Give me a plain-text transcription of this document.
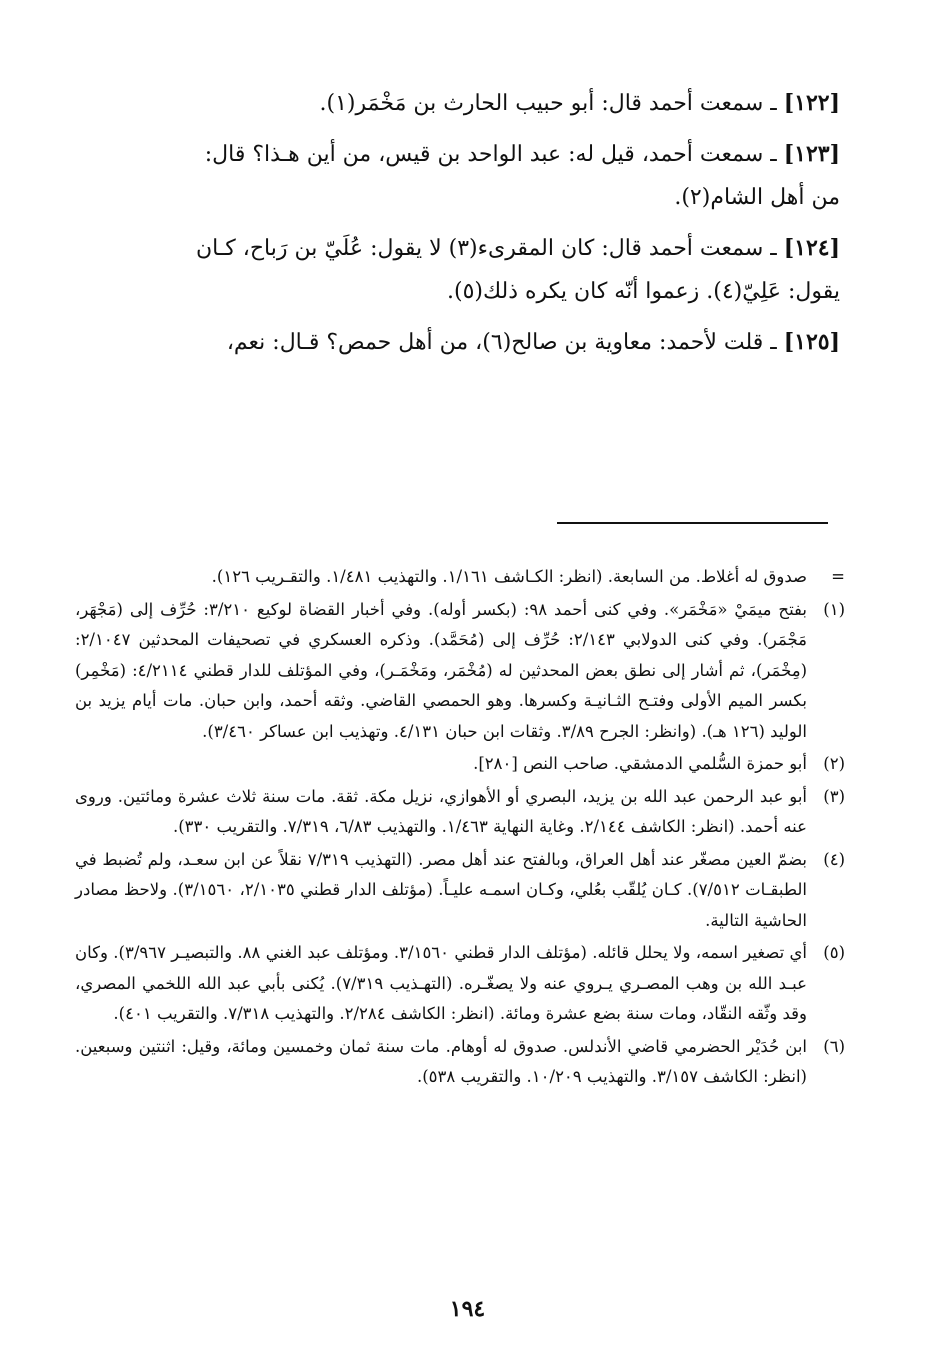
[١٢٢] ـ سمعت أحمد قال: أبو حبيب الحارث بن مَخْمَر(١).

[١٢٣] ـ سمعت أحمد، قيل له: عبد الواحد بن قيس، من أين هـذا؟ قال:
من أهل الشام(٢).

[١٢٤] ـ سمعت أحمد قال: كان المقرىء(٣) لا يقول: عُلَيّ بن رَباح، كـان
يقول: عَلِيّ(٤). زعموا أنّه كان يكره ذلك(٥).

[١٢٥] ـ قلت لأحمد: معاوية بن صالح(٦)، من أهل حمص؟ قـال: نعم،

=
صدوق له أغلاط. من السابعة. (انظر: الكـاشف ١/١٦١. والتهذيب ١/٤٨١. والتقـريب ١٢٦).

(١)
بفتح ميمَيْ «مَخْمَر». وفي كنى أحمد ٩٨: (بكسر أوله). وفي أخبار القضاة لوكيع ٣/٢١٠: حُرِّف إلى (مَجْهَر، مَجْمَر). وفي كنى الدولابي ٢/١٤٣: حُرِّف إلى (مُحَمَّد). وذكره العسكري في تصحيفات المحدثين ٢/١٠٤٧: (مِخْمَر)، ثم أشار إلى نطق بعض المحدثين له (مُخْمَر، ومَخْمَـر)، وفي المؤتلف للدار قطني ٤/٢١١٤: (مَخْمِر) بكسر الميم الأولى وفتـح الثـانيـة وكسرها. وهو الحمصي القاضي. وثقه أحمد، وابن حبان. مات أيام يزيد بن الوليد (١٢٦ هـ). (وانظر: الجرح ٣/٨٩. وثقات ابن حبان ٤/١٣١. وتهذيب ابن عساكر ٣/٤٦٠).

(٢)
أبو حمزة السُّلمي الدمشقي. صاحب النص [٢٨٠].

(٣)
أبو عبد الرحمن عبد الله بن يزيد، البصري أو الأهوازي، نزيل مكة. ثقة. مات سنة ثلاث عشرة ومائتين. وروى عنه أحمد. (انظر: الكاشف ٢/١٤٤. وغاية النهاية ١/٤٦٣. والتهذيب ٦/٨٣، ٧/٣١٩. والتقريب ٣٣٠).

(٤)
بضمّ العين مصغّر عند أهل العراق، وبالفتح عند أهل مصر. (التهذيب ٧/٣١٩ نقلاً عن ابن سعـد، ولم تُضبط في الطبقـات ٧/٥١٢). كـان يُلقّب بعُلي، وكـان اسمـه عليـاً. (مؤتلف الدار قطني ٢/١٠٣٥، ٣/١٥٦٠). ولاحظ مصادر الحاشية التالية.

(٥)
أي تصغير اسمه، ولا يحلل قائله. (مؤتلف الدار قطني ٣/١٥٦٠. ومؤتلف عبد الغني ٨٨. والتبصيـر ٣/٩٦٧). وكان عبـد الله بن وهب المصـري يـروي عنه ولا يصغّـره. (التهـذيب ٧/٣١٩). يُكنى بأبي عبد الله اللخمي المصري، وقد وثّقه النقّاد، ومات سنة بضع عشرة ومائة. (انظر: الكاشف ٢/٢٨٤. والتهذيب ٧/٣١٨. والتقريب ٤٠١).

(٦)
ابن حُدَيْر الحضرمي قاضي الأندلس. صدوق له أوهام. مات سنة ثمان وخمسين ومائة، وقيل: اثنتين وسبعين. (انظر: الكاشف ٣/١٥٧. والتهذيب ١٠/٢٠٩. والتقريب ٥٣٨).

١٩٤
